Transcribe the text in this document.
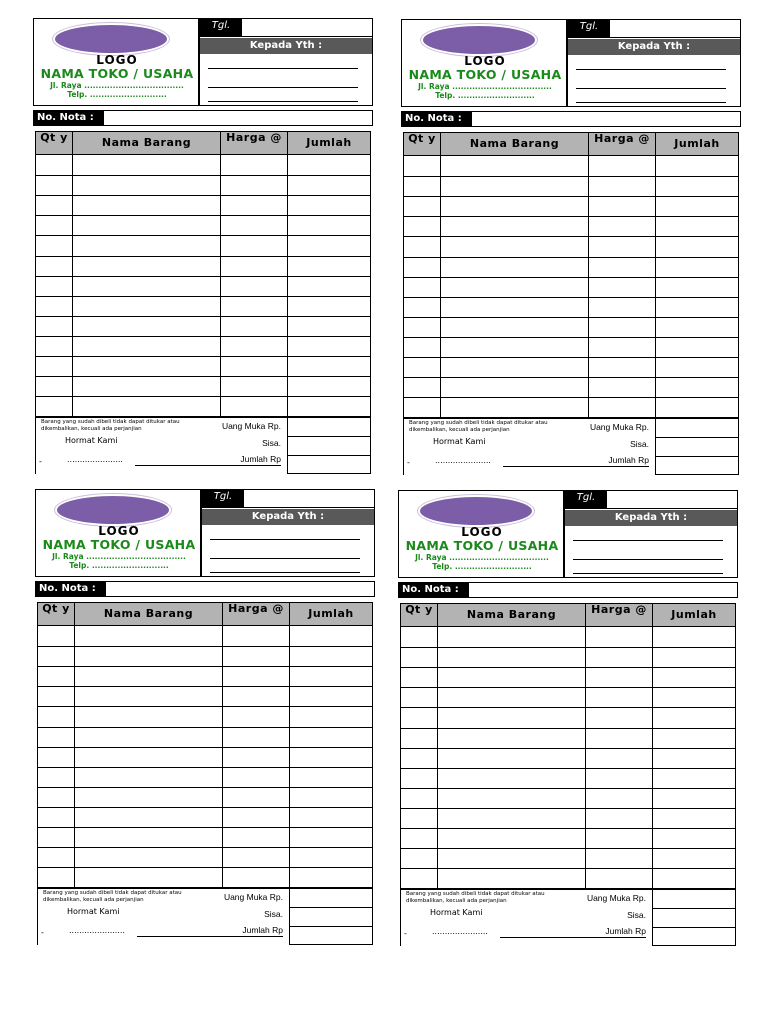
LOGO
NAMA TOKO / USAHA
Jl. Raya ...................................
Telp. ...........................
Tgl.
Kepada Yth :
No. Nota :
Qt y	Nama Barang	Harga @	Jumlah
Barang yang sudah dibeli tidak dapat ditukar atau dikembalikan, kecuali ada perjanjian
Hormat Kami
......................
-
Uang Muka Rp.
Sisa.
Jumlah Rp
LOGO
NAMA TOKO / USAHA
Jl. Raya ...................................
Telp. ...........................
Tgl.
Kepada Yth :
No. Nota :
Qt y	Nama Barang	Harga @	Jumlah
Barang yang sudah dibeli tidak dapat ditukar atau dikembalikan, kecuali ada perjanjian
Hormat Kami
......................
-
Uang Muka Rp.
Sisa.
Jumlah Rp
LOGO
NAMA TOKO / USAHA
Jl. Raya ...................................
Telp. ...........................
Tgl.
Kepada Yth :
No. Nota :
Qt y	Nama Barang	Harga @	Jumlah
Barang yang sudah dibeli tidak dapat ditukar atau dikembalikan, kecuali ada perjanjian
Hormat Kami
......................
-
Uang Muka Rp.
Sisa.
Jumlah Rp
LOGO
NAMA TOKO / USAHA
Jl. Raya ...................................
Telp. ...........................
Tgl.
Kepada Yth :
No. Nota :
Qt y	Nama Barang	Harga @	Jumlah
Barang yang sudah dibeli tidak dapat ditukar atau dikembalikan, kecuali ada perjanjian
Hormat Kami
......................
-
Uang Muka Rp.
Sisa.
Jumlah Rp
